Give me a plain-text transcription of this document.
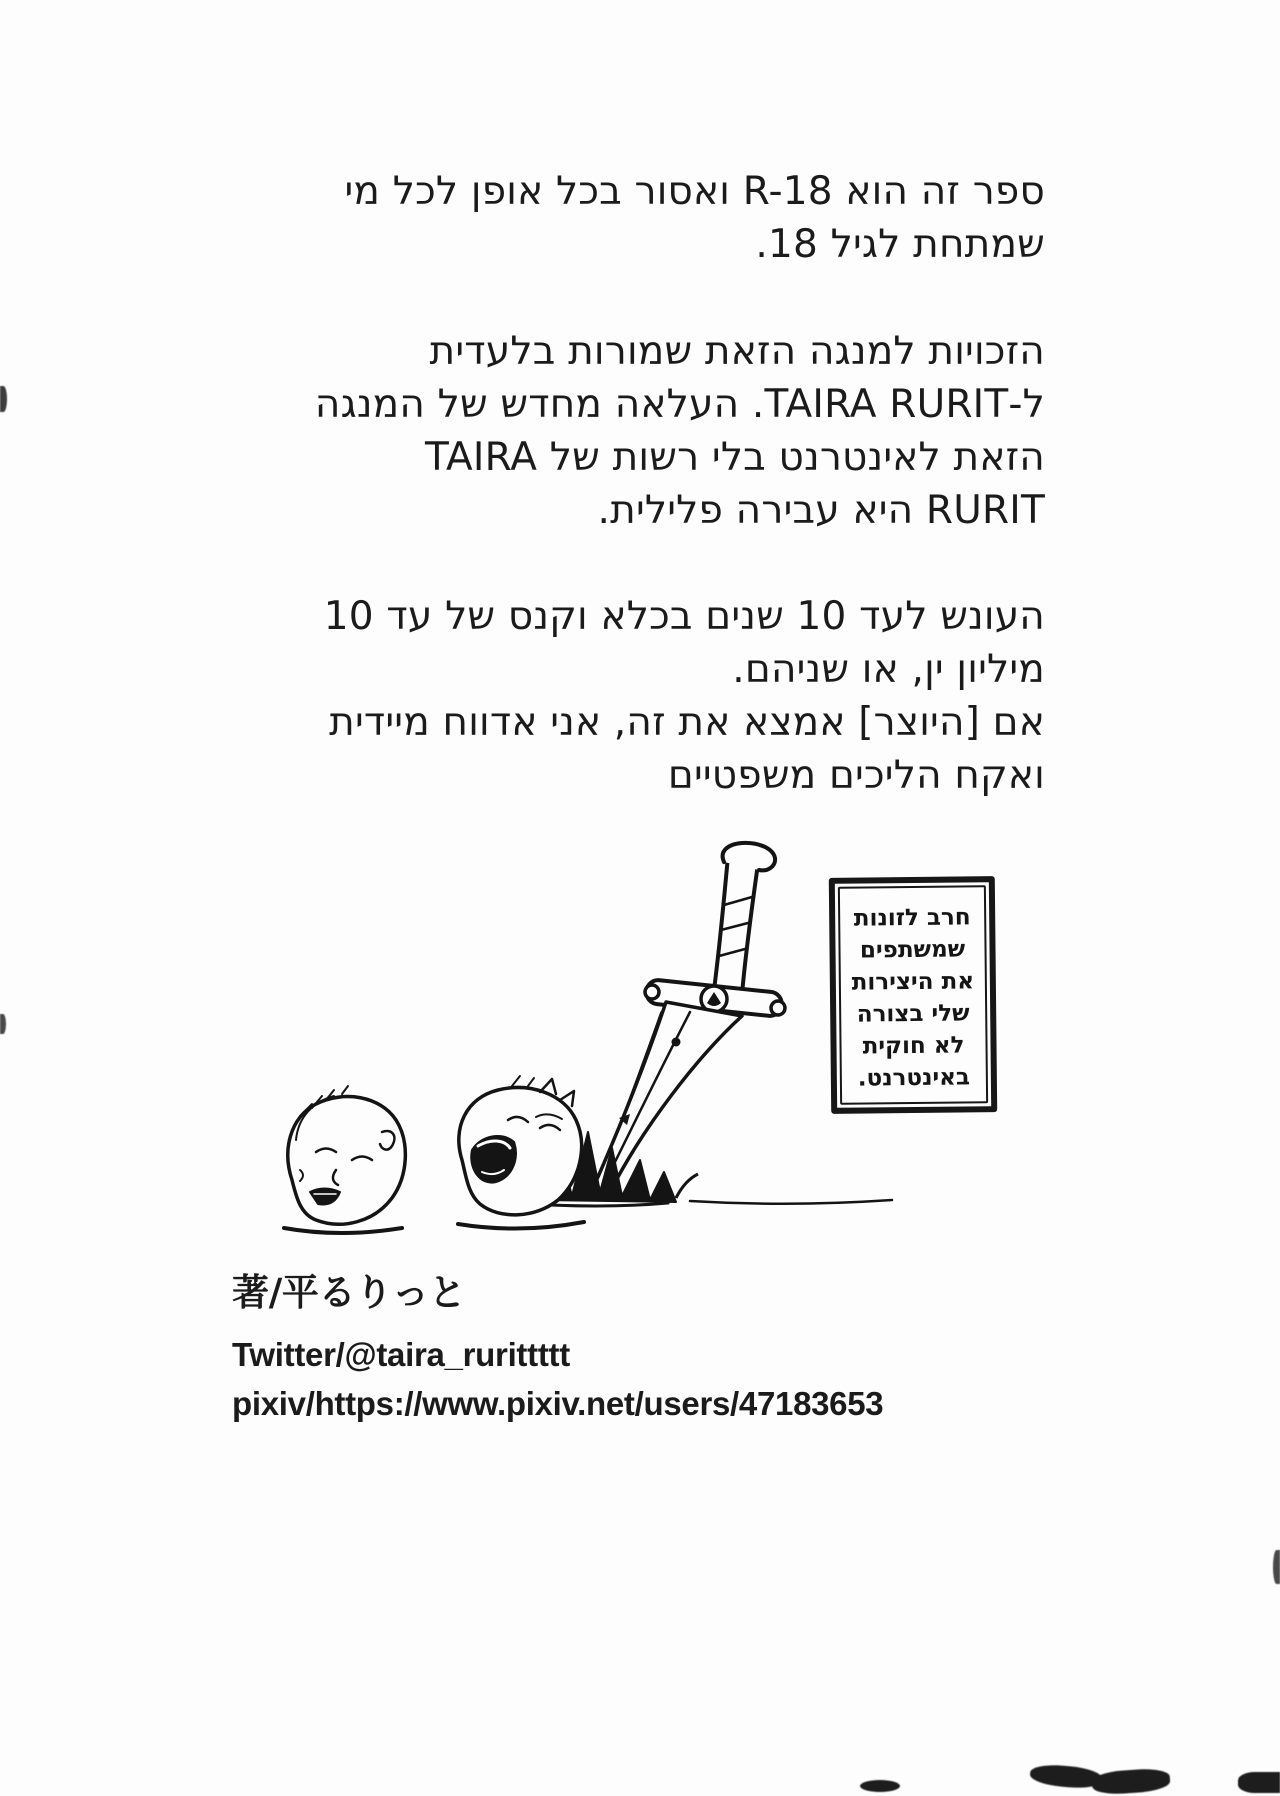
ספר זה הוא R-18 ואסור בכל אופן לכל מי
שמתחת לגיל 18.
הזכויות למנגה הזאת שמורות בלעדית
ל-TAIRA RURIT. העלאה מחדש של המנגה
הזאת לאינטרנט בלי רשות של TAIRA
RURIT היא עבירה פלילית.
העונש לעד 10 שנים בכלא וקנס של עד 10
מיליון ין, או שניהם.
אם [היוצר] אמצא את זה, אני אדווח מיידית
ואקח הליכים משפטיים
חרב לזונות
שמשתפים
את היצירות
שלי בצורה
לא חוקית
באינטרנט.
著/平るりっと
Twitter/@taira_rurittttt
pixiv/https://www.pixiv.net/users/47183653
